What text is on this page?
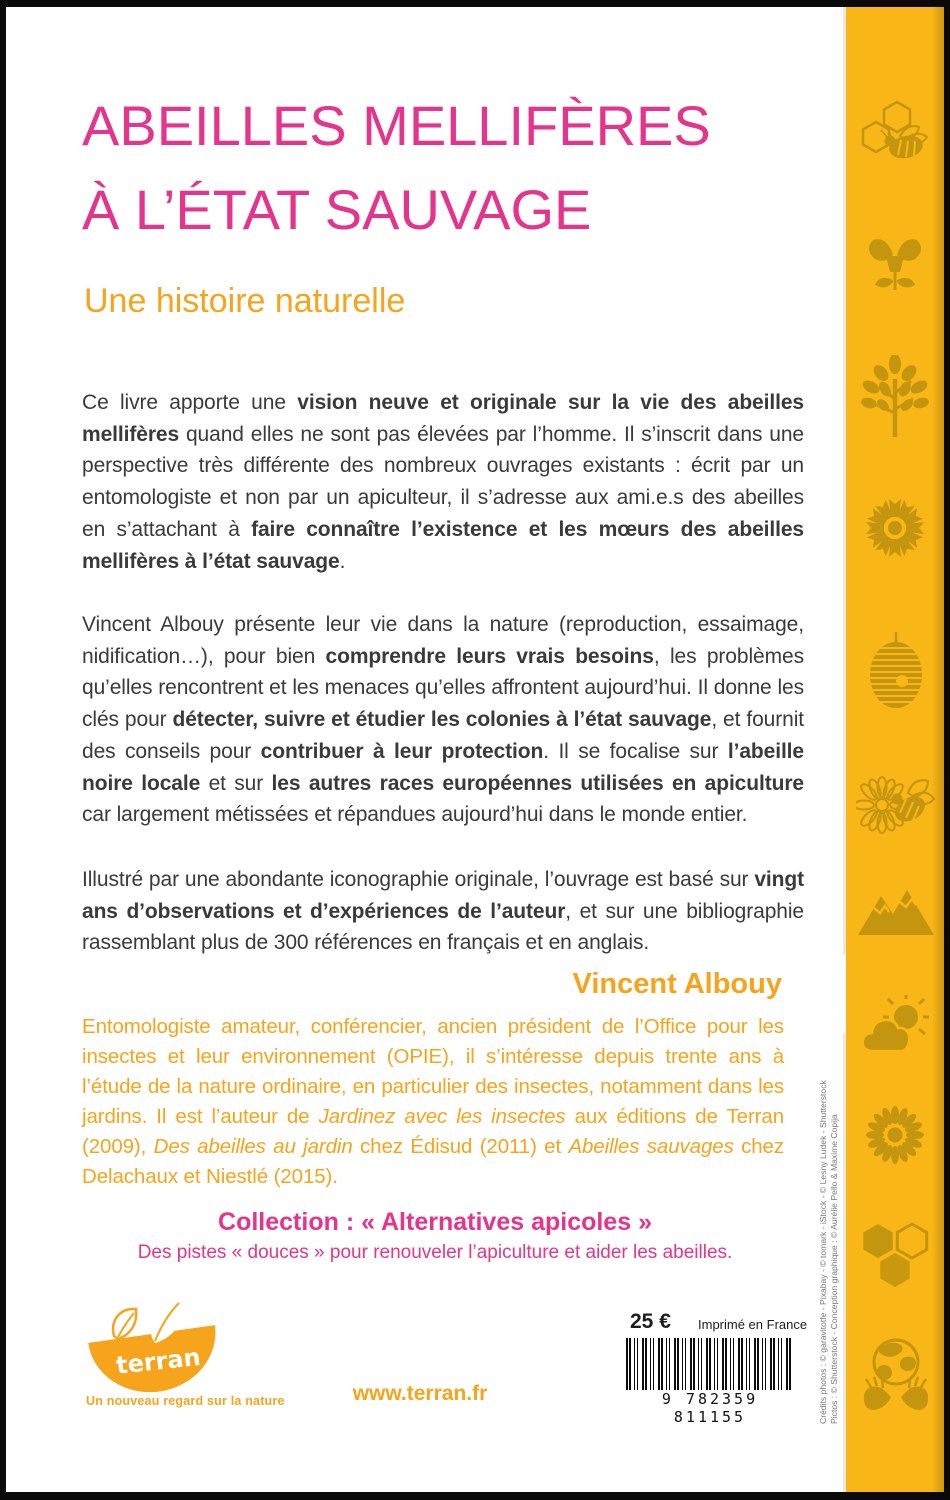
ABEILLES MELLIFÈRES
À L’ÉTAT SAUVAGE
Une histoire naturelle

Ce livre apporte une vision neuve et originale sur la vie des abeilles mellifères quand elles ne sont pas élevées par l’homme. Il s’inscrit dans une perspective très différente des nombreux ouvrages existants : écrit par un entomologiste et non par un apiculteur, il s’adresse aux ami.e.s des abeilles en s’attachant à faire connaître l’existence et les mœurs des abeilles mellifères à l’état sauvage.

Vincent Albouy présente leur vie dans la nature (reproduction, essaimage, nidification…), pour bien comprendre leurs vrais besoins, les problèmes qu’elles rencontrent et les menaces qu’elles affrontent aujourd’hui. Il donne les clés pour détecter, suivre et étudier les colonies à l’état sauvage, et fournit des conseils pour contribuer à leur protection. Il se focalise sur l’abeille noire locale et sur les autres races européennes utilisées en apiculture car largement métissées et répandues aujourd’hui dans le monde entier.

Illustré par une abondante iconographie originale, l’ouvrage est basé sur vingt ans d’observations et d’expériences de l’auteur, et sur une bibliographie rassemblant plus de 300 références en français et en anglais.

Vincent Albouy
Entomologiste amateur, conférencier, ancien président de l’Office pour les insectes et leur environnement (OPIE), il s’intéresse depuis trente ans à l’étude de la nature ordinaire, en particulier des insectes, notamment dans les jardins. Il est l’auteur de Jardinez avec les insectes aux éditions de Terran (2009), Des abeilles au jardin chez Édisud (2011) et Abeilles sauvages chez Delachaux et Niestlé (2015).
Collection : « Alternatives apicoles »
Des pistes « douces » pour renouveler l’apiculture et aider les abeilles.
terran
Un nouveau regard sur la nature	www.terran.fr
25 € Imprimé en France
9 782359 811155	Crédits photos : © garavitotfe - Pixabay - © tomark - iStock - © Lesny Ludek - Shutterstock Pictos : © Shutterstock - Conception graphique : © Aurélie Pello & Maxime Copija
